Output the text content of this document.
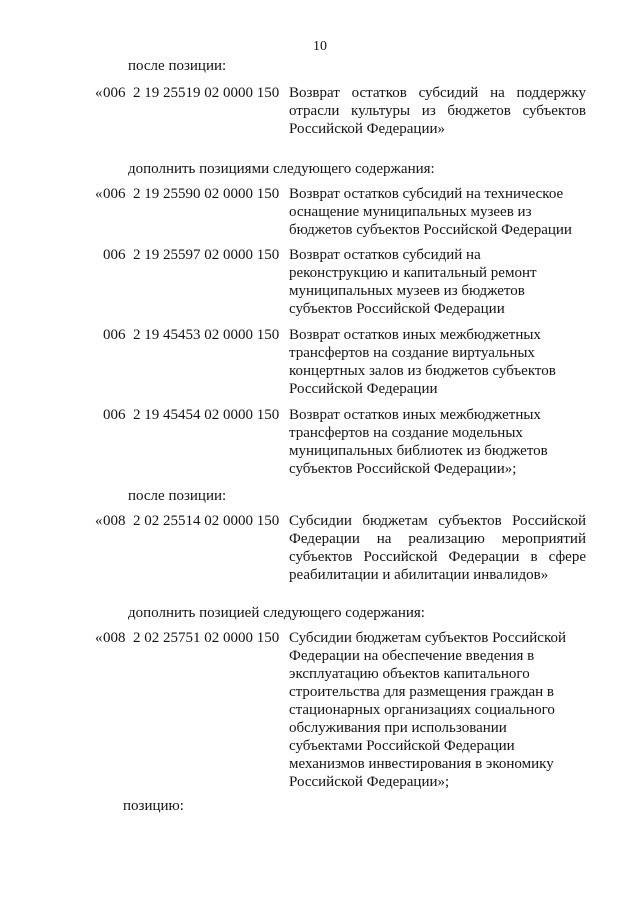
10
после позиции:
« 006 2 19 25519 02 0000 150 Возврат остатков субсидий на поддержку
отрасли культуры из бюджетов субъектов
Российской Федерации»
дополнить позициями следующего содержания:
« 006 2 19 25590 02 0000 150 Возврат остатков субсидий на техническое
оснащение муниципальных музеев из
бюджетов субъектов Российской Федерации
006 2 19 25597 02 0000 150 Возврат остатков субсидий на
реконструкцию и капитальный ремонт
муниципальных музеев из бюджетов
субъектов Российской Федерации
006 2 19 45453 02 0000 150 Возврат остатков иных межбюджетных
трансфертов на создание виртуальных
концертных залов из бюджетов субъектов
Российской Федерации
006 2 19 45454 02 0000 150 Возврат остатков иных межбюджетных
трансфертов на создание модельных
муниципальных библиотек из бюджетов
субъектов Российской Федерации»;
после позиции:
« 008 2 02 25514 02 0000 150 Субсидии бюджетам субъектов Российской
Федерации на реализацию мероприятий
субъектов Российской Федерации в сфере
реабилитации и абилитации инвалидов»
дополнить позицией следующего содержания:
« 008 2 02 25751 02 0000 150 Субсидии бюджетам субъектов Российской
Федерации на обеспечение введения в
эксплуатацию объектов капитального
строительства для размещения граждан в
стационарных организациях социального
обслуживания при использовании
субъектами Российской Федерации
механизмов инвестирования в экономику
Российской Федерации»;
позицию:
